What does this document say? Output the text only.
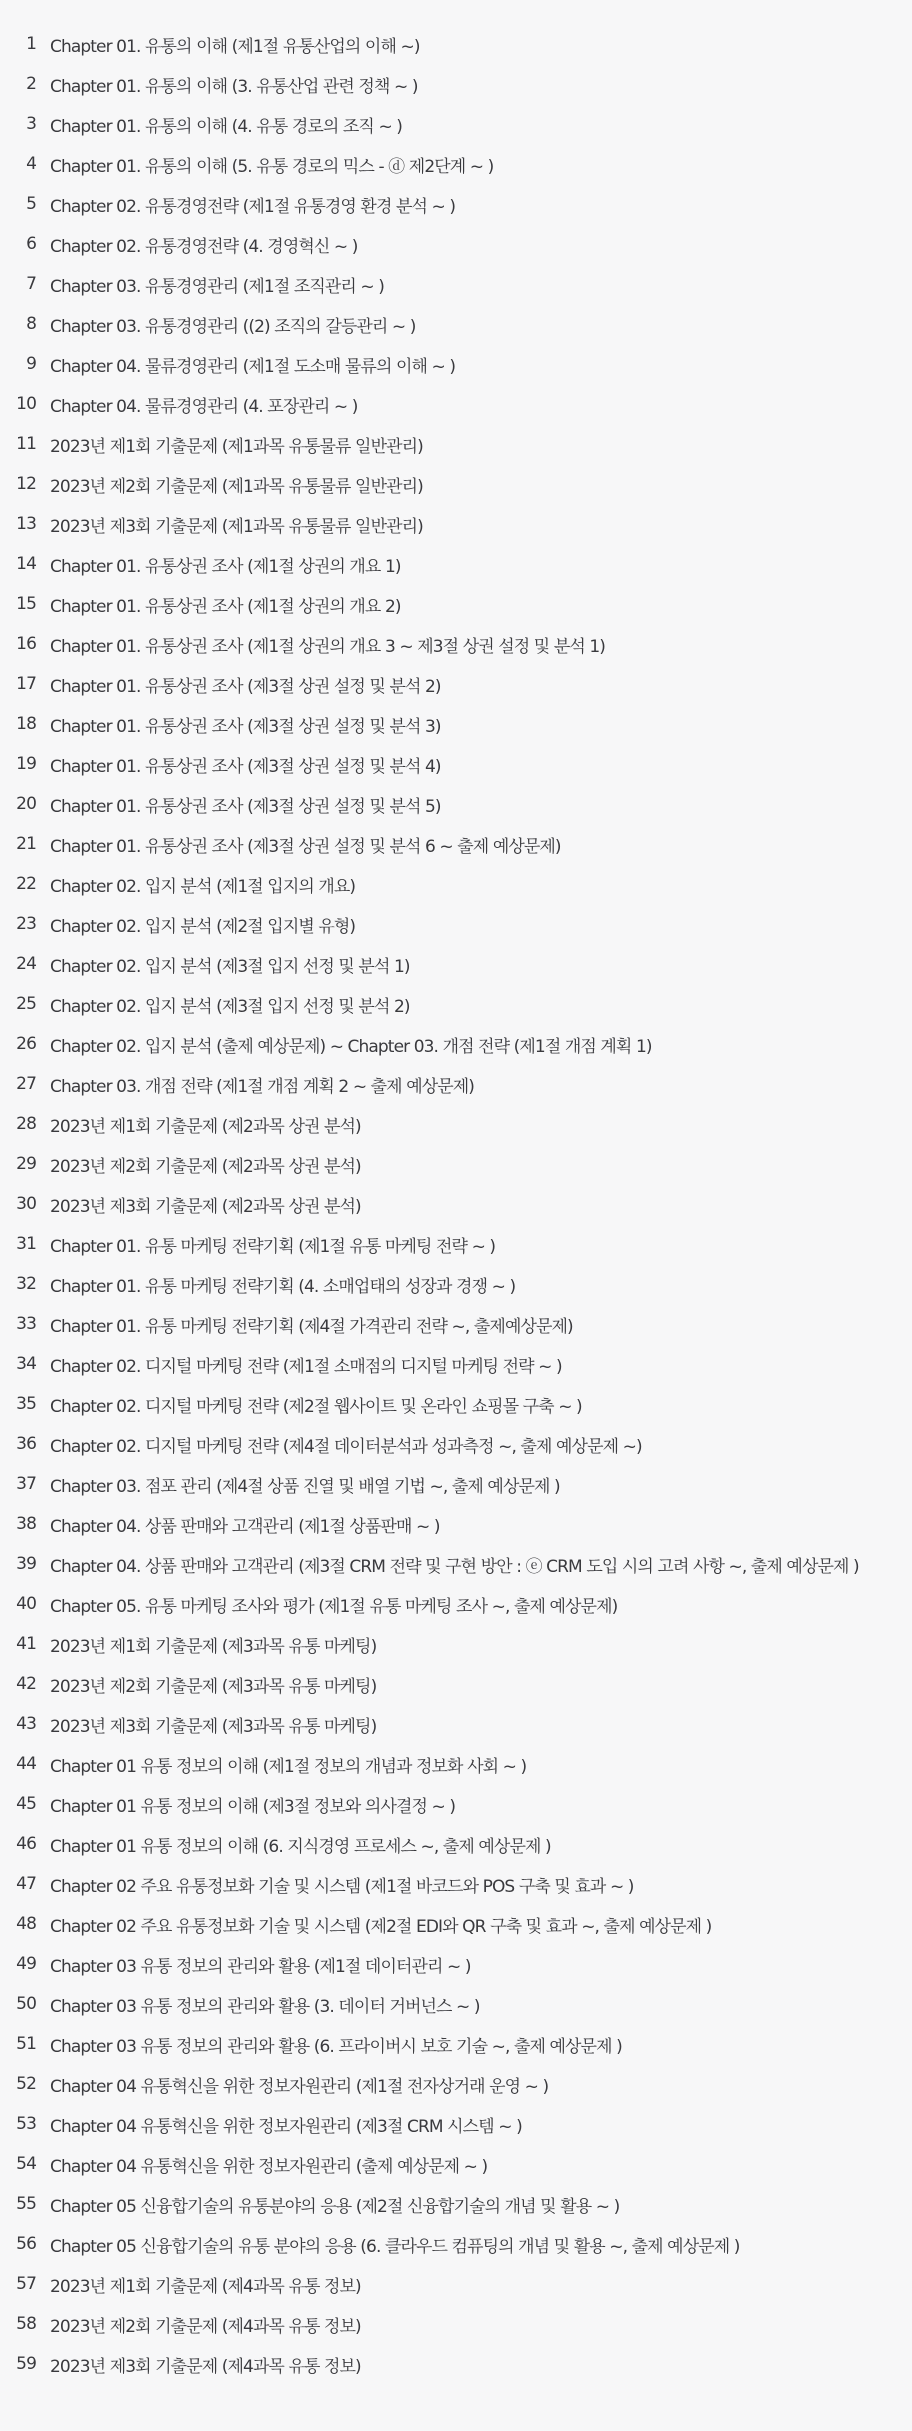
1 Chapter 01. 유통의 이해 (제1절 유통산업의 이해 ~)
2 Chapter 01. 유통의 이해 (3. 유통산업 관련 정책 ~ )
3 Chapter 01. 유통의 이해 (4. 유통 경로의 조직 ~ )
4 Chapter 01. 유통의 이해 (5. 유통 경로의 믹스 - ⓓ 제2단계 ~ )
5 Chapter 02. 유통경영전략 (제1절 유통경영 환경 분석 ~ )
6 Chapter 02. 유통경영전략 (4. 경영혁신 ~ )
7 Chapter 03. 유통경영관리 (제1절 조직관리 ~ )
8 Chapter 03. 유통경영관리 ((2) 조직의 갈등관리 ~ )
9 Chapter 04. 물류경영관리 (제1절 도소매 물류의 이해 ~ )
10 Chapter 04. 물류경영관리 (4. 포장관리 ~ )
11 2023년 제1회 기출문제 (제1과목 유통물류 일반관리)
12 2023년 제2회 기출문제 (제1과목 유통물류 일반관리)
13 2023년 제3회 기출문제 (제1과목 유통물류 일반관리)
14 Chapter 01. 유통상권 조사 (제1절 상권의 개요 1)
15 Chapter 01. 유통상권 조사 (제1절 상권의 개요 2)
16 Chapter 01. 유통상권 조사 (제1절 상권의 개요 3 ~ 제3절 상권 설정 및 분석 1)
17 Chapter 01. 유통상권 조사 (제3절 상권 설정 및 분석 2)
18 Chapter 01. 유통상권 조사 (제3절 상권 설정 및 분석 3)
19 Chapter 01. 유통상권 조사 (제3절 상권 설정 및 분석 4)
20 Chapter 01. 유통상권 조사 (제3절 상권 설정 및 분석 5)
21 Chapter 01. 유통상권 조사 (제3절 상권 설정 및 분석 6 ~ 출제 예상문제)
22 Chapter 02. 입지 분석 (제1절 입지의 개요)
23 Chapter 02. 입지 분석 (제2절 입지별 유형)
24 Chapter 02. 입지 분석 (제3절 입지 선정 및 분석 1)
25 Chapter 02. 입지 분석 (제3절 입지 선정 및 분석 2)
26 Chapter 02. 입지 분석 (출제 예상문제) ~ Chapter 03. 개점 전략 (제1절 개점 계획 1)
27 Chapter 03. 개점 전략 (제1절 개점 계획 2 ~ 출제 예상문제)
28 2023년 제1회 기출문제 (제2과목 상권 분석)
29 2023년 제2회 기출문제 (제2과목 상권 분석)
30 2023년 제3회 기출문제 (제2과목 상권 분석)
31 Chapter 01. 유통 마케팅 전략기획 (제1절 유통 마케팅 전략 ~ )
32 Chapter 01. 유통 마케팅 전략기획 (4. 소매업태의 성장과 경쟁 ~ )
33 Chapter 01. 유통 마케팅 전략기획 (제4절 가격관리 전략 ~, 출제예상문제)
34 Chapter 02. 디지털 마케팅 전략 (제1절 소매점의 디지털 마케팅 전략 ~ )
35 Chapter 02. 디지털 마케팅 전략 (제2절 웹사이트 및 온라인 쇼핑몰 구축 ~ )
36 Chapter 02. 디지털 마케팅 전략 (제4절 데이터분석과 성과측정 ~, 출제 예상문제 ~)
37 Chapter 03. 점포 관리 (제4절 상품 진열 및 배열 기법 ~, 출제 예상문제 )
38 Chapter 04. 상품 판매와 고객관리 (제1절 상품판매 ~ )
39 Chapter 04. 상품 판매와 고객관리 (제3절 CRM 전략 및 구현 방안 : ⓔ CRM 도입 시의 고려 사항 ~, 출제 예상문제 )
40 Chapter 05. 유통 마케팅 조사와 평가 (제1절 유통 마케팅 조사 ~, 출제 예상문제)
41 2023년 제1회 기출문제 (제3과목 유통 마케팅)
42 2023년 제2회 기출문제 (제3과목 유통 마케팅)
43 2023년 제3회 기출문제 (제3과목 유통 마케팅)
44 Chapter 01 유통 정보의 이해 (제1절 정보의 개념과 정보화 사회 ~ )
45 Chapter 01 유통 정보의 이해 (제3절 정보와 의사결정 ~ )
46 Chapter 01 유통 정보의 이해 (6. 지식경영 프로세스 ~, 출제 예상문제 )
47 Chapter 02 주요 유통정보화 기술 및 시스템 (제1절 바코드와 POS 구축 및 효과 ~ )
48 Chapter 02 주요 유통정보화 기술 및 시스템 (제2절 EDI와 QR 구축 및 효과 ~, 출제 예상문제 )
49 Chapter 03 유통 정보의 관리와 활용 (제1절 데이터관리 ~ )
50 Chapter 03 유통 정보의 관리와 활용 (3. 데이터 거버넌스 ~ )
51 Chapter 03 유통 정보의 관리와 활용 (6. 프라이버시 보호 기술 ~, 출제 예상문제 )
52 Chapter 04 유통혁신을 위한 정보자원관리 (제1절 전자상거래 운영 ~ )
53 Chapter 04 유통혁신을 위한 정보자원관리 (제3절 CRM 시스템 ~ )
54 Chapter 04 유통혁신을 위한 정보자원관리 (출제 예상문제 ~ )
55 Chapter 05 신융합기술의 유통분야의 응용 (제2절 신융합기술의 개념 및 활용 ~ )
56 Chapter 05 신융합기술의 유통 분야의 응용 (6. 클라우드 컴퓨팅의 개념 및 활용 ~, 출제 예상문제 )
57 2023년 제1회 기출문제 (제4과목 유통 정보)
58 2023년 제2회 기출문제 (제4과목 유통 정보)
59 2023년 제3회 기출문제 (제4과목 유통 정보)
